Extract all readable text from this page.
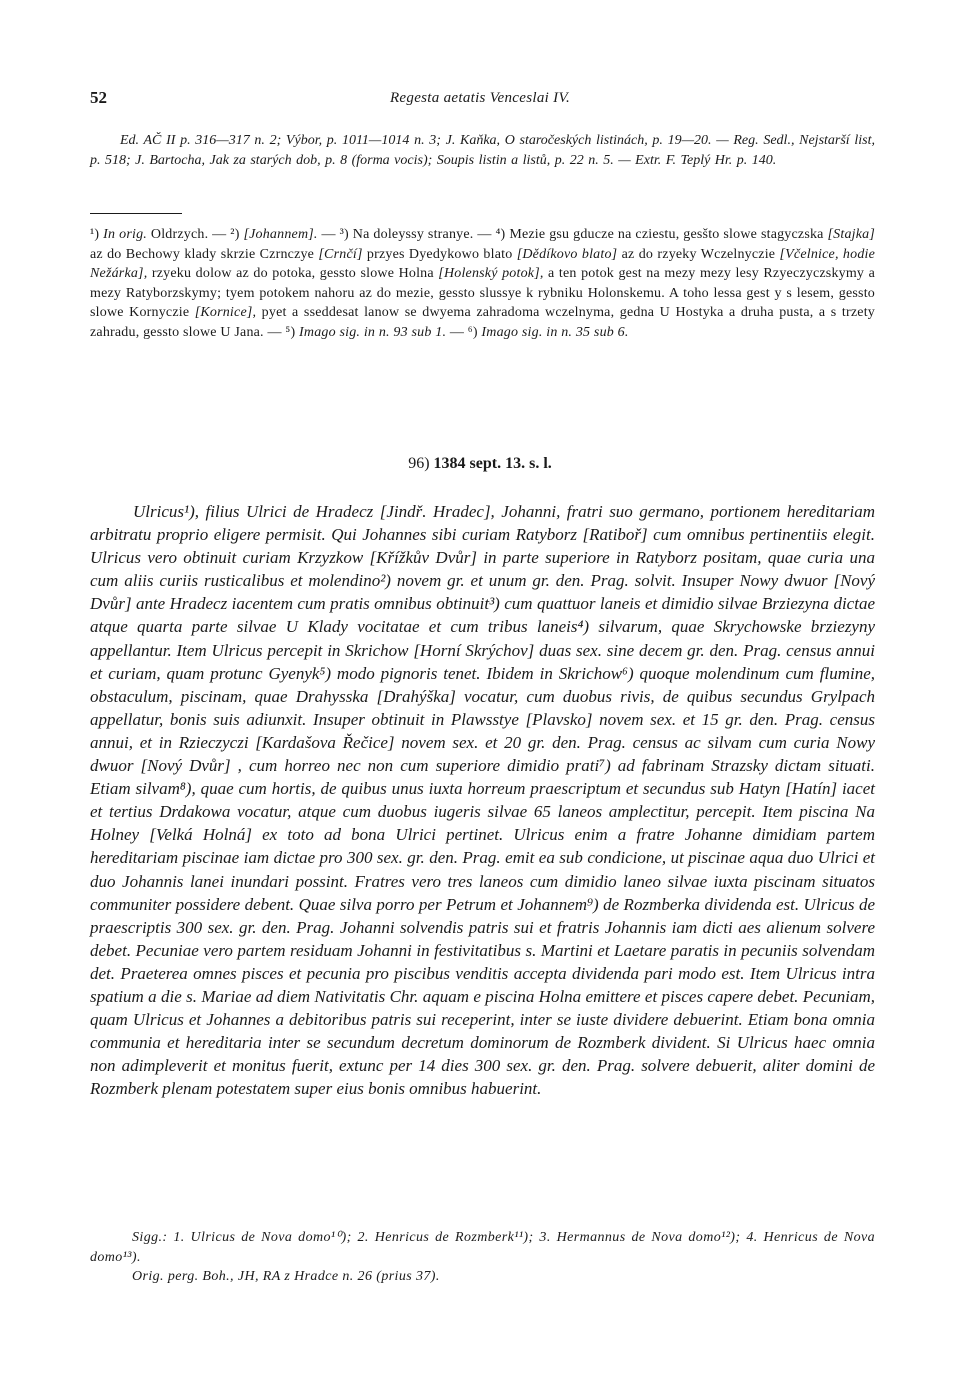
52	Regesta aetatis Venceslai IV.
Ed. AČ II p. 316—317 n. 2; Výbor, p. 1011—1014 n. 3; J. Kaňka, O staročeských listinách, p. 19—20. — Reg. Sedl., Nejstarší list, p. 518; J. Bartocha, Jak za starých dob, p. 8 (forma vocis); Soupis listin a listů, p. 22 n. 5. — Extr. F. Teplý Hr. p. 140.
¹) In orig. Oldrzych. — ²) [Johannem]. — ³) Na doleyssy stranye. — ⁴) Mezie gsu gducze na cziestu, gesšto slowe stagyczska [Stajka] az do Bechowy klady skrzie Czrnczye [Crnčí] przyes Dyedykowo blato [Dědíkovo blato] az do rzyeky Wczelnyczie [Včelnice, hodie Nežárka], rzyeku dolow az do potoka, gessto slowe Holna [Holenský potok], a ten potok gest na mezy mezy lesy Rzyeczyczskymy a mezy Ratyborzskymy; tyem potokem nahoru az do mezie, gessto slussye k rybniku Holonskemu. A toho lessa gest y s lesem, gessto slowe Kornyczie [Kornice], pyet a sseddesat lanow se dwyema zahradoma wczelnyma, gedna U Hostyka a druha pusta, a s trzety zahradu, gessto slowe U Jana. — ⁵) Imago sig. in n. 93 sub 1. — ⁶) Imago sig. in n. 35 sub 6.
96) 1384 sept. 13. s. l.

Ulricus¹), filius Ulrici de Hradecz [Jindř. Hradec], Johanni, fratri suo germano, portionem hereditariam arbitratu proprio eligere permisit. Qui Johannes sibi curiam Ratyborz [Ratiboř] cum omnibus pertinentiis elegit. Ulricus vero obtinuit curiam Krzyzkow [Křížkův Dvůr] in parte superiore in Ratyborz positam, quae curia una cum aliis curiis rusticalibus et molendino²) novem gr. et unum gr. den. Prag. solvit. Insuper Nowy dwuor [Nový Dvůr] ante Hradecz iacentem cum pratis omnibus obtinuit³) cum quattuor laneis et dimidio silvae Brziezyna dictae atque quarta parte silvae U Klady vocitatae et cum tribus laneis⁴) silvarum, quae Skrychowske brziezyny appellantur. Item Ulricus percepit in Skrichow [Horní Skrýchov] duas sex. sine decem gr. den. Prag. census annui et curiam, quam protunc Gyenyk⁵) modo pignoris tenet. Ibidem in Skrichow⁶) quoque molendinum cum flumine, obstaculum, piscinam, quae Drahysska [Drahýška] vocatur, cum duobus rivis, de quibus secundus Grylpach appellatur, bonis suis adiunxit. Insuper obtinuit in Plawsstye [Plavsko] novem sex. et 15 gr. den. Prag. census annui, et in Rzieczyczi [Kardašova Řečice] novem sex. et 20 gr. den. Prag. census ac silvam cum curia Nowy dwuor [Nový Dvůr] , cum horreo nec non cum superiore dimidio prati⁷) ad fabrinam Strazsky dictam situati. Etiam silvam⁸), quae cum hortis, de quibus unus iuxta horreum praescriptum et secundus sub Hatyn [Hatín] iacet et tertius Drdakowa vocatur, atque cum duobus iugeris silvae 65 laneos amplectitur, percepit. Item piscina Na Holney [Velká Holná] ex toto ad bona Ulrici pertinet. Ulricus enim a fratre Johanne dimidiam partem hereditariam piscinae iam dictae pro 300 sex. gr. den. Prag. emit ea sub condicione, ut piscinae aqua duo Ulrici et duo Johannis lanei inundari possint. Fratres vero tres laneos cum dimidio laneo silvae iuxta piscinam situatos communiter possidere debent. Quae silva porro per Petrum et Johannem⁹) de Rozmberka dividenda est. Ulricus de praescriptis 300 sex. gr. den. Prag. Johanni solvendis patris sui et fratris Johannis iam dicti aes alienum solvere debet. Pecuniae vero partem residuam Johanni in festivitatibus s. Martini et Laetare paratis in pecuniis solvendam det. Praeterea omnes pisces et pecunia pro piscibus venditis accepta dividenda pari modo est. Item Ulricus intra spatium a die s. Mariae ad diem Nativitatis Chr. aquam e piscina Holna emittere et pisces capere debet. Pecuniam, quam Ulricus et Johannes a debitoribus patris sui receperint, inter se iuste dividere debuerint. Etiam bona omnia communia et hereditaria inter se secundum decretum dominorum de Rozmberk divident. Si Ulricus haec omnia non adimpleverit et monitus fuerit, extunc per 14 dies 300 sex. gr. den. Prag. solvere debuerit, aliter domini de Rozmberk plenam potestatem super eius bonis omnibus habuerint.

Sigg.: 1. Ulricus de Nova domo¹⁰); 2. Henricus de Rozmberk¹¹); 3. Hermannus de Nova domo¹²); 4. Henricus de Nova domo¹³).
Orig. perg. Boh., JH, RA z Hradce n. 26 (prius 37).
